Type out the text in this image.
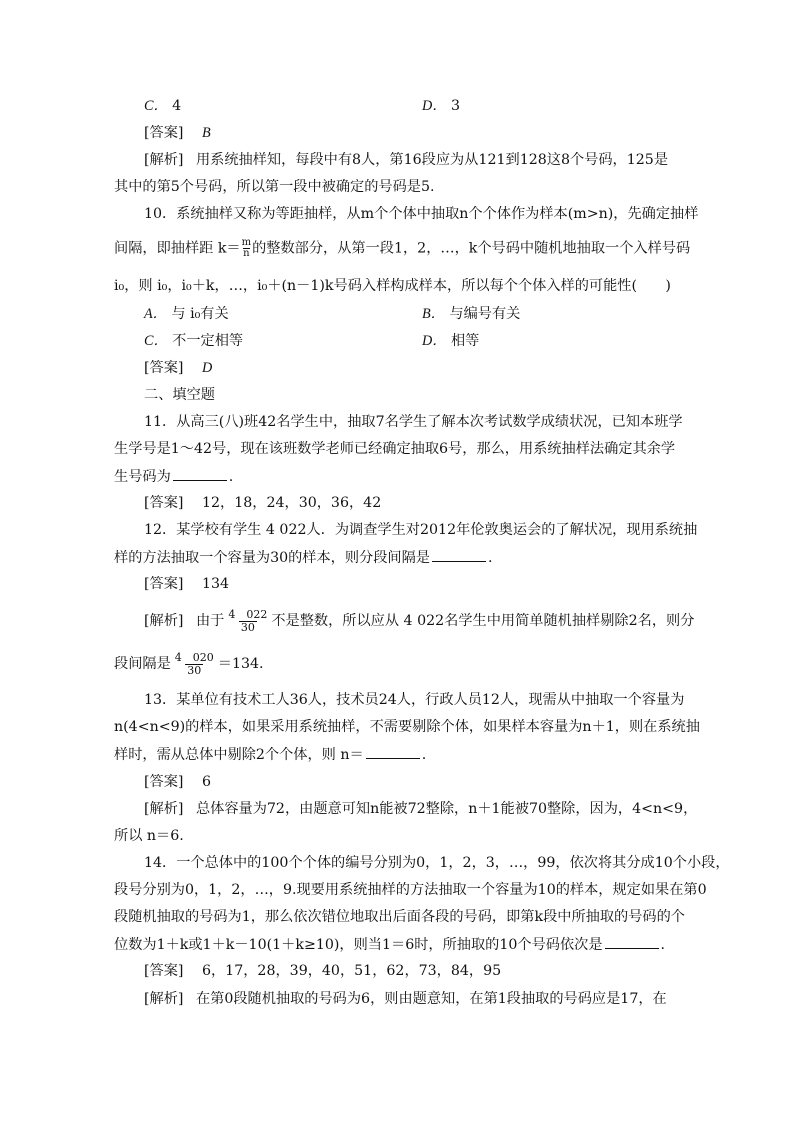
C． 4	D． 3
[答案] B
[解析] 用系统抽样知，每段中有8人，第16段应为从121到128这8个号码，125是
其中的第5个号码，所以第一段中被确定的号码是5.
10．系统抽样又称为等距抽样，从m个个体中抽取n个个体作为样本(m>n)，先确定抽样
间隔，即抽样距 $k= \frac{m}{n}$ 的整数部分，从第一段1，2，…，k个号码中随机地抽取一个入样号码
i₀，则 i₀，i₀＋k，…，i₀＋(n－1)k号码入样构成样本，所以每个个体入样的可能性(　　)
A． 与 i₀有关	B． 与编号有关
C． 不一定相等	D． 相等
[答案] D
二、填空题
11．从高三(八)班42名学生中，抽取7名学生了解本次考试数学成绩状况，已知本班学
生学号是1～42号，现在该班数学老师已经确定抽取6号，那么，用系统抽样法确定其余学
生号码为	.
[答案] 12，18，24，30，36，42
12．某学校有学生 4 022人．为调查学生对2012年伦敦奥运会的了解状况，现用系统抽
样的方法抽取一个容量为30的样本，则分段间隔是	.
[答案] 134
[解析] 由于 $\frac{4 022}{30}$ 不是整数，所以应从 4 022名学生中用简单随机抽样剔除2名，则分
段间隔是 $\frac{4 020}{30} =134$.
13．某单位有技术工人36人，技术员24人，行政人员12人，现需从中抽取一个容量为
n(4<n<9)的样本，如果采用系统抽样，不需要剔除个体，如果样本容量为n＋1，则在系统抽
样时，需从总体中剔除2个个体，则 n＝	.
[答案] 6
[解析] 总体容量为72，由题意可知n能被72整除，n＋1能被70整除，因为，4<n<9，
所以 n＝6.
14．一个总体中的100个个体的编号分别为0，1，2，3，…，99，依次将其分成10个小段，
段号分别为0，1，2，…，9.现要用系统抽样的方法抽取一个容量为10的样本，规定如果在第0
段随机抽取的号码为1，那么依次错位地取出后面各段的号码，即第k段中所抽取的号码的个
位数为1＋k或1＋k－10(1＋k≥10)，则当1＝6时，所抽取的10个号码依次是	.
[答案] 6，17，28，39，40，51，62，73，84，95
[解析] 在第0段随机抽取的号码为6，则由题意知，在第1段抽取的号码应是17，在
